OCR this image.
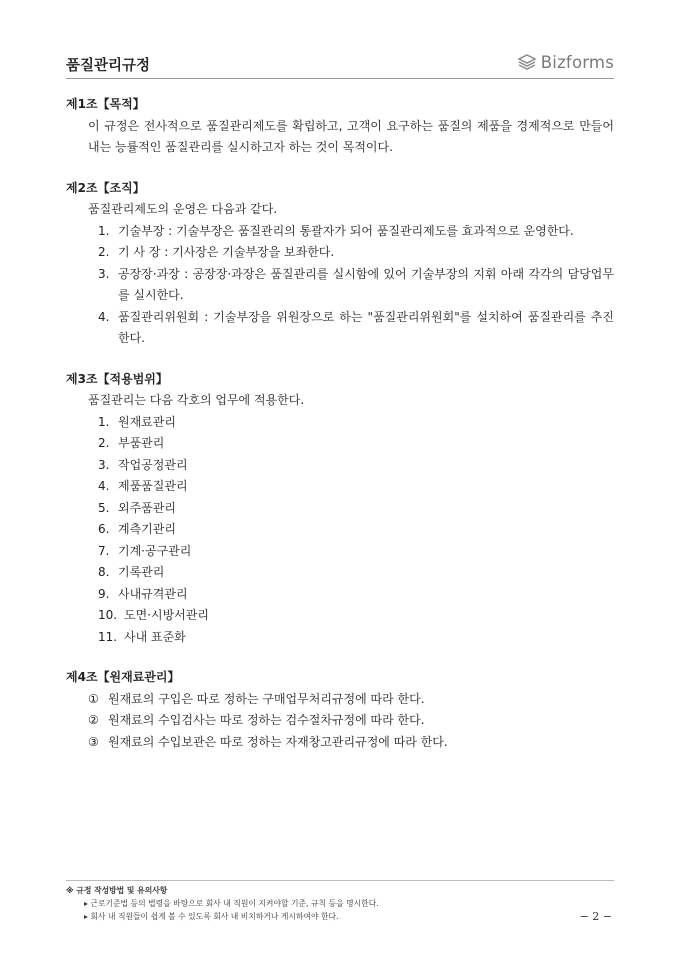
품질관리규정	Bizforms
제1조【목적】
이 규정은 전사적으로 품질관리제도를 확립하고, 고객이 요구하는 품질의 제품을 경제적으로 만들어 내는 능률적인 품질관리를 실시하고자 하는 것이 목적이다.
제2조【조직】
품질관리제도의 운영은 다음과 같다.
1. 기술부장 : 기술부장은 품질관리의 통괄자가 되어 품질관리제도를 효과적으로 운영한다.
2. 기 사 장 : 기사장은 기술부장을 보좌한다.
3. 공장장·과장 : 공장장·과장은 품질관리를 실시함에 있어 기술부장의 지휘 아래 각각의 담당업무를 실시한다.
4. 품질관리위원회 : 기술부장을 위원장으로 하는 "품질관리위원회"를 설치하여 품질관리를 추진한다.
제3조【적용범위】
품질관리는 다음 각호의 업무에 적용한다.
1. 원재료관리
2. 부품관리
3. 작업공정관리
4. 제품품질관리
5. 외주품관리
6. 계측기관리
7. 기계·공구관리
8. 기록관리
9. 사내규격관리
10. 도면·시방서관리
11. 사내 표준화
제4조【원재료관리】
① 원재료의 구입은 따로 정하는 구매업무처리규정에 따라 한다.
② 원재료의 수입검사는 따로 정하는 검수절차규정에 따라 한다.
③ 원재료의 수입보관은 따로 정하는 자재창고관리규정에 따라 한다.
※ 규정 작성방법 및 유의사항
▸ 근로기준법 등의 법령을 바탕으로 회사 내 직원이 지켜야할 기준, 규칙 등을 명시한다.
▸ 회사 내 직원들이 쉽게 볼 수 있도록 회사 내 비치하거나 게시하여야 한다.	− 2 −
